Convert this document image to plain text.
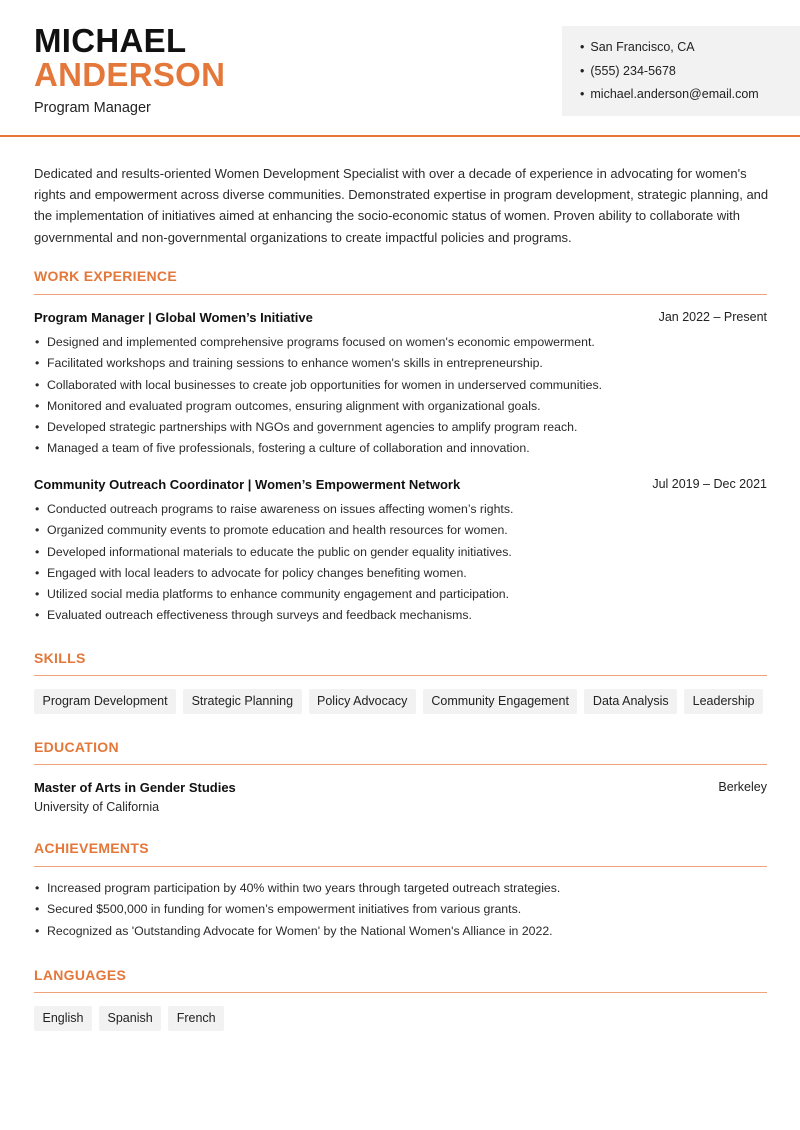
MICHAEL
ANDERSON
Program Manager
• San Francisco, CA
• (555) 234-5678
• michael.anderson@email.com

Dedicated and results-oriented Women Development Specialist with over a decade of experience in advocating for women's rights and empowerment across diverse communities. Demonstrated expertise in program development, strategic planning, and the implementation of initiatives aimed at enhancing the socio-economic status of women. Proven ability to collaborate with governmental and non-governmental organizations to create impactful policies and programs.

WORK EXPERIENCE
Program Manager | Global Women’s Initiative	Jan 2022 – Present
• Designed and implemented comprehensive programs focused on women's economic empowerment.
• Facilitated workshops and training sessions to enhance women's skills in entrepreneurship.
• Collaborated with local businesses to create job opportunities for women in underserved communities.
• Monitored and evaluated program outcomes, ensuring alignment with organizational goals.
• Developed strategic partnerships with NGOs and government agencies to amplify program reach.
• Managed a team of five professionals, fostering a culture of collaboration and innovation.
Community Outreach Coordinator | Women’s Empowerment Network	Jul 2019 – Dec 2021
• Conducted outreach programs to raise awareness on issues affecting women’s rights.
• Organized community events to promote education and health resources for women.
• Developed informational materials to educate the public on gender equality initiatives.
• Engaged with local leaders to advocate for policy changes benefiting women.
• Utilized social media platforms to enhance community engagement and participation.
• Evaluated outreach effectiveness through surveys and feedback mechanisms.
SKILLS
Program Development	Strategic Planning	Policy Advocacy	Community Engagement	Data Analysis	Leadership
EDUCATION
Master of Arts in Gender Studies	Berkeley
University of California
ACHIEVEMENTS
• Increased program participation by 40% within two years through targeted outreach strategies.
• Secured $500,000 in funding for women’s empowerment initiatives from various grants.
• Recognized as 'Outstanding Advocate for Women' by the National Women's Alliance in 2022.
LANGUAGES
English	Spanish	French
